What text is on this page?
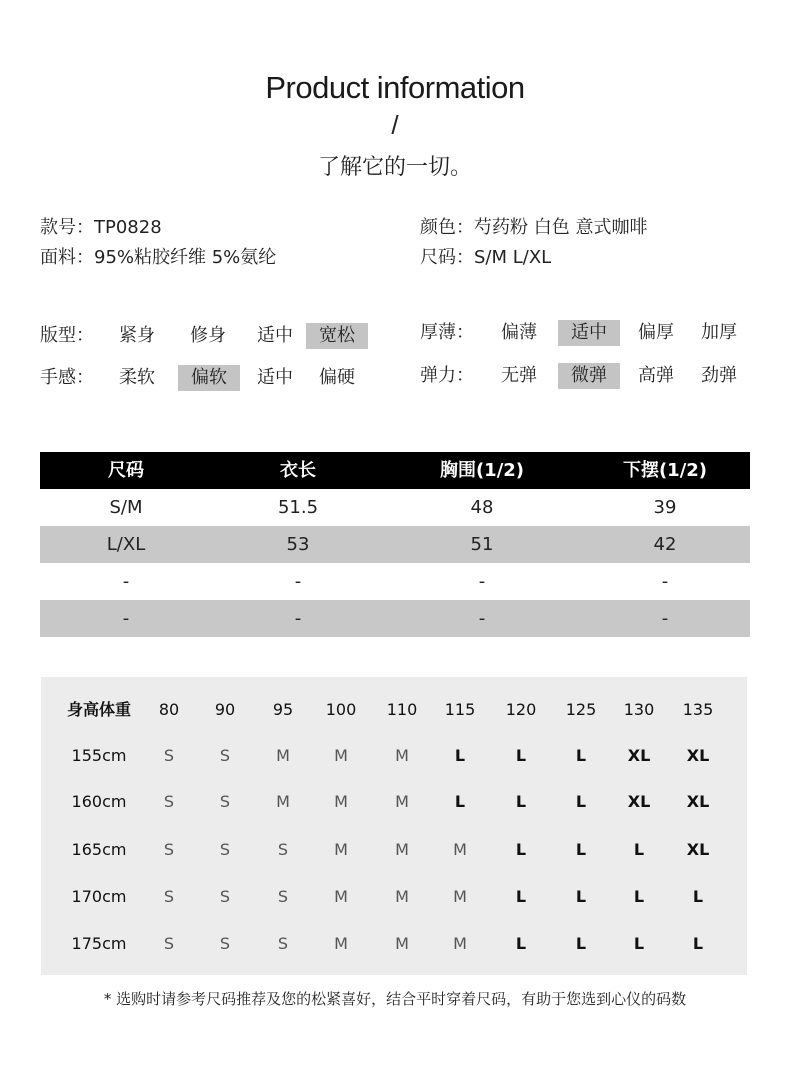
Product information
/
了解它的一切。
款号：TP0828
面料：95%粘胶纤维 5%氨纶
颜色：芍药粉 白色 意式咖啡
尺码：S/M L/XL
版型：	紧身	修身	适中	宽松	厚薄：	偏薄	适中	偏厚	加厚
手感：	柔软	偏软	适中	偏硬	弹力：	无弹	微弹	高弹	劲弹
尺码	衣长	胸围(1/2)	下摆(1/2)
S/M	51.5	48	39
L/XL	53	51	42
-	-	-	-
-	-	-	-
身高体重	80	90	95	100	110	115	120	125	130	135
155cm	S	S	M	M	M	L	L	L	XL	XL
160cm	S	S	M	M	M	L	L	L	XL	XL
165cm	S	S	S	M	M	M	L	L	L	XL
170cm	S	S	S	M	M	M	L	L	L	L
175cm	S	S	S	M	M	M	L	L	L	L
* 选购时请参考尺码推荐及您的松紧喜好，结合平时穿着尺码，有助于您选到心仪的码数
